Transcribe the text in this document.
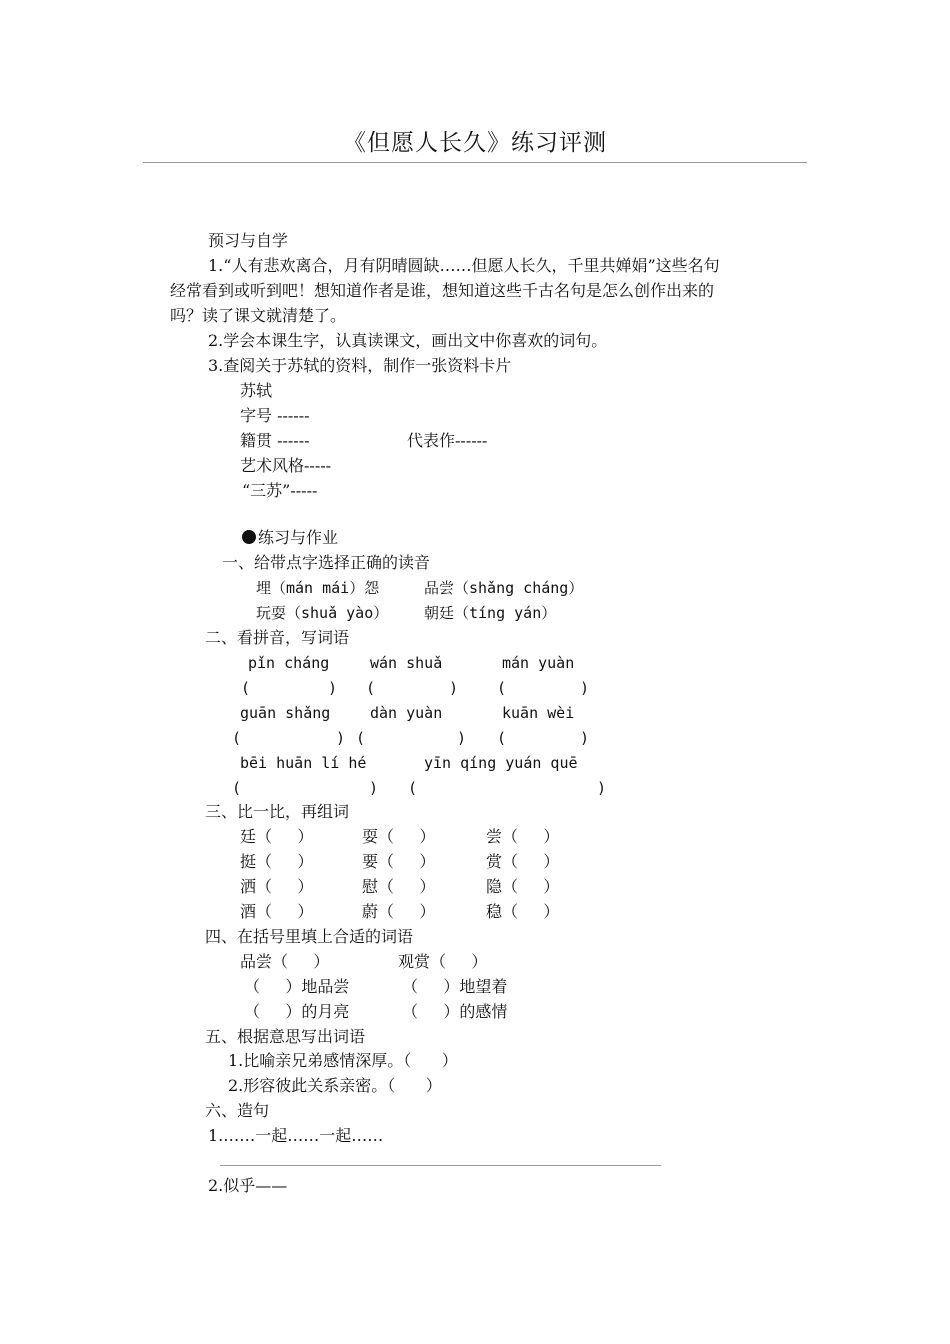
《但愿人长久》练习评测
预习与自学
1.“人有悲欢离合，月有阴晴圆缺……但愿人长久，千里共婵娟”这些名句
经常看到或听到吧！想知道作者是谁，想知道这些千古名句是怎么创作出来的
吗？读了课文就清楚了。
2.学会本课生字，认真读课文，画出文中你喜欢的词句。
3.查阅关于苏轼的资料，制作一张资料卡片
苏轼
字号 ------
籍贯 ------	代表作------
艺术风格-----
“三苏”-----
练习与作业
一、给带点字选择正确的读音
埋（mán mái）怨	品尝（shǎng cháng）
玩耍（shuǎ yào） 朝廷（tíng yán）
二、看拼音，写词语
pǐn cháng	wán shuǎ	mán yuàn
(	) (	)	(	)
guān shǎng	dàn yuàn	kuān wèi
(	) (	) (	)
bēi huān lí hé	yīn qíng yuán quē
(	) (	)
三、比一比，再组词
廷（     ）	耍（     ）	尝（     ）
挺（     ）	要（     ）	赏（     ）
洒（     ）	慰（     ）	隐（     ）
酒（     ）	蔚（     ）	稳（     ）
四、在括号里填上合适的词语
品尝（     ）	观赏（     ）
（     ）地品尝	（     ）地望着
（     ）的月亮	（     ）的感情
五、根据意思写出词语
1.比喻亲兄弟感情深厚。（      ）
2.形容彼此关系亲密。（      ）
六、造句
1.……一起……一起……
2.似乎——
